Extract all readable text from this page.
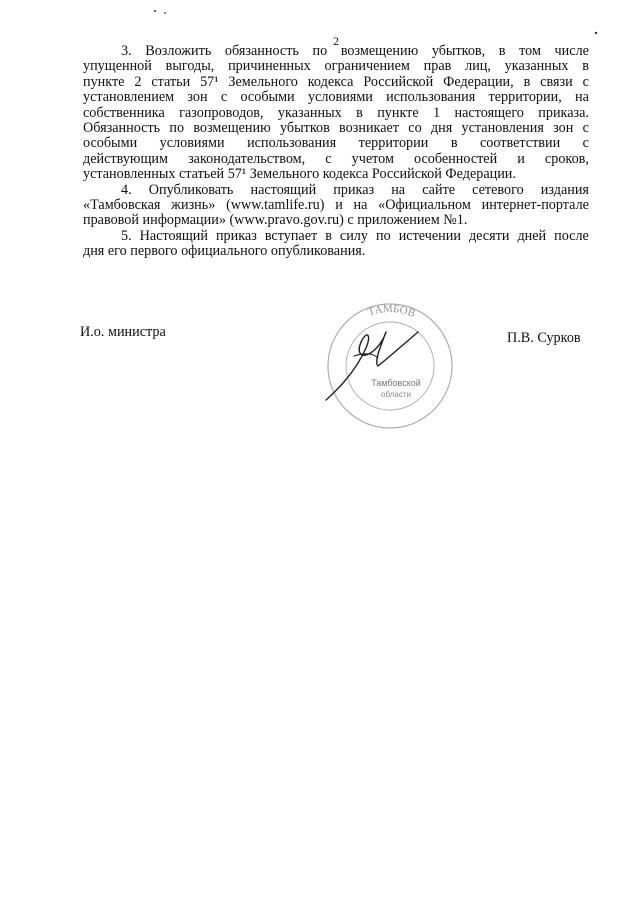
2
3. Возложить обязанность по возмещению убытков, в том числе
упущенной выгоды, причиненных ограничением прав лиц, указанных в
пункте 2 статьи 57¹ Земельного кодекса Российской Федерации, в связи с
установлением зон с особыми условиями использования территории, на
собственника газопроводов, указанных в пункте 1 настоящего приказа.
Обязанность по возмещению убытков возникает со дня установления зон с
особыми условиями использования территории в соответствии с
действующим законодательством, с учетом особенностей и сроков,
установленных статьей 57¹ Земельного кодекса Российской Федерации.
4. Опубликовать настоящий приказ на сайте сетевого издания
«Тамбовская жизнь» (www.tamlife.ru) и на «Официальном интернет-портале
правовой информации» (www.pravo.gov.ru) с приложением №1.
5. Настоящий приказ вступает в силу по истечении десяти дней после
дня его первого официального опубликования.
И.о. министра
ТАМБОВ
Тамбовской
области
П.В. Сурков
